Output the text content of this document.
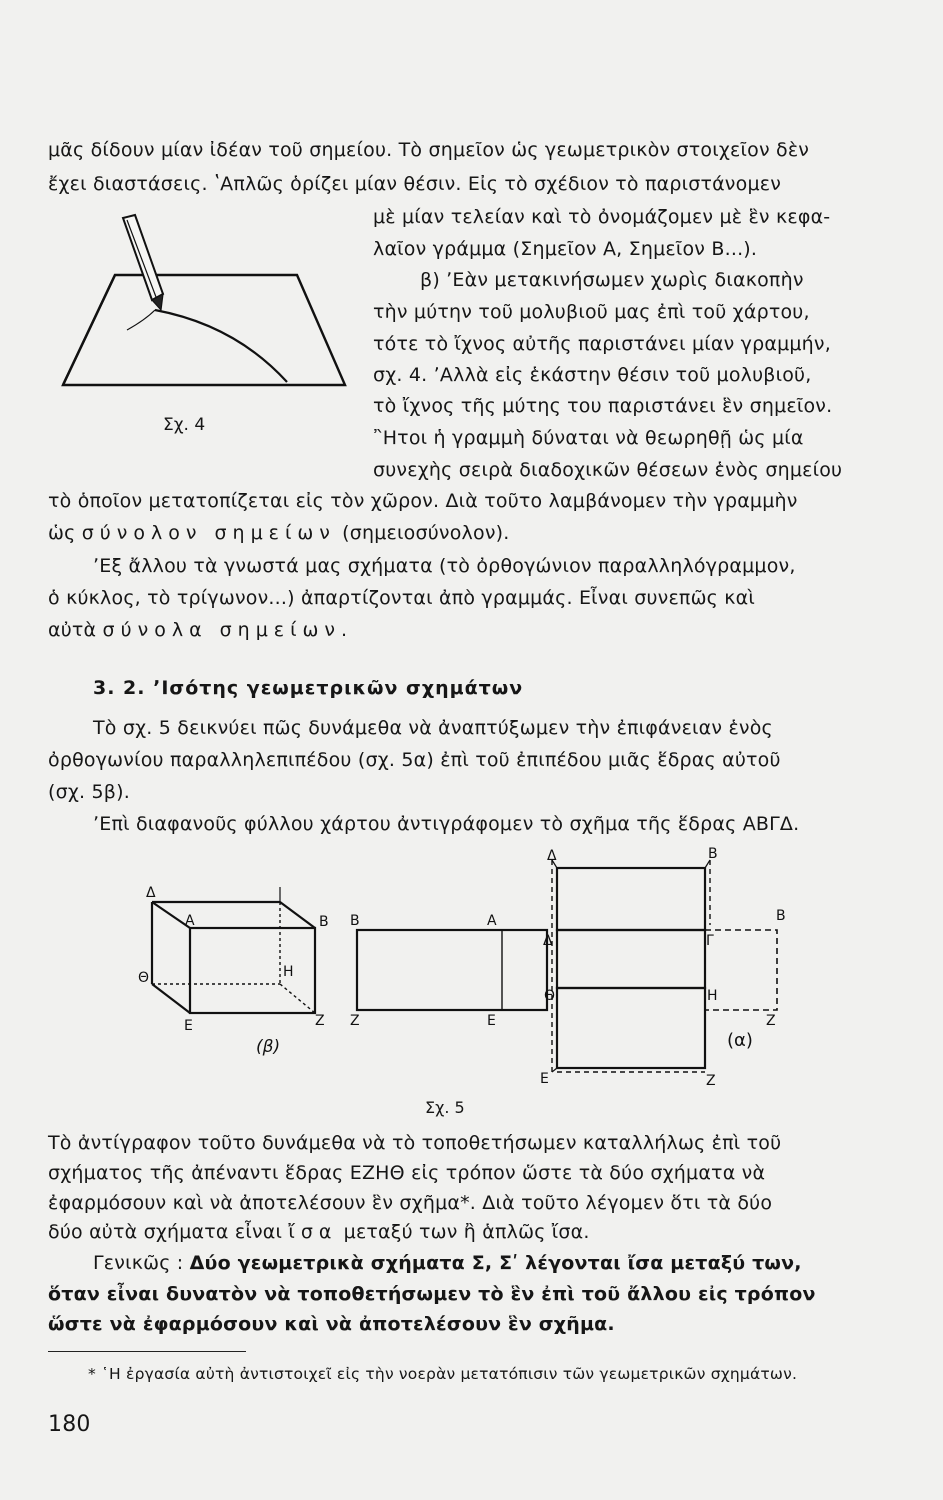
μᾶς δίδουν μίαν ἰδέαν τοῦ σημείου. Τὸ σημεῖον ὡς γεωμετρικὸν στοιχεῖον δὲν
ἔχει διαστάσεις. ʽΑπλῶς ὁρίζει μίαν θέσιν. Εἰς τὸ σχέδιον τὸ παριστάνομεν
μὲ μίαν τελείαν καὶ τὸ ὀνομάζομεν μὲ ἓν κεφα-
λαῖον γράμμα (Σημεῖον Α, Σημεῖον Β...).
β) ʼΕὰν μετακινήσωμεν χωρὶς διακοπὴν
τὴν μύτην τοῦ μολυβιοῦ μας ἐπὶ τοῦ χάρτου,
τότε τὸ ἴχνος αὐτῆς παριστάνει μίαν γραμμήν,
σχ. 4. ʼΑλλὰ εἰς ἑκάστην θέσιν τοῦ μολυβιοῦ,
τὸ ἴχνος τῆς μύτης του παριστάνει ἓν σημεῖον.
῍Ητοι ἡ γραμμὴ δύναται νὰ θεωρηθῇ ὡς μία
συνεχὴς σειρὰ διαδοχικῶν θέσεων ἑνὸς σημείου
τὸ ὁποῖον μετατοπίζεται εἰς τὸν χῶρον. Διὰ τοῦτο λαμβάνομεν τὴν γραμμὴν
ὡς σύνολον σημείων (σημειοσύνολον).
Σχ. 4
ʼΕξ ἄλλου τὰ γνωστά μας σχήματα (τὸ ὀρθογώνιον παραλληλόγραμμον,
ὁ κύκλος, τὸ τρίγωνον...) ἀπαρτίζονται ἀπὸ γραμμάς. Εἶναι συνεπῶς καὶ
αὐτὰ σύνολα σημείων.
3. 2. ʼΙσότης γεωμετρικῶν σχημάτων
Τὸ σχ. 5 δεικνύει πῶς δυνάμεθα νὰ ἀναπτύξωμεν τὴν ἐπιφάνειαν ἑνὸς
ὀρθογωνίου παραλληλεπιπέδου (σχ. 5α) ἐπὶ τοῦ ἐπιπέδου μιᾶς ἕδρας αὐτοῦ
(σχ. 5β).
ʼΕπὶ διαφανοῦς φύλλου χάρτου ἀντιγράφομεν τὸ σχῆμα τῆς ἕδρας ΑΒΓΔ.
Δ
Α	Β
Θ	Η
Ε	Ζ
(β)
Β	Α
Ζ	Ε
Δ	Β
Δ	Γ
Β
Θ	Η
Ζ
Ε	Ζ
(α)
Σχ. 5
Τὸ ἀντίγραφον τοῦτο δυνάμεθα νὰ τὸ τοποθετήσωμεν καταλλήλως ἐπὶ τοῦ
σχήματος τῆς ἀπέναντι ἕδρας ΕΖΗΘ εἰς τρόπον ὥστε τὰ δύο σχήματα νὰ
ἐφαρμόσουν καὶ νὰ ἀποτελέσουν ἓν σχῆμα*. Διὰ τοῦτο λέγομεν ὅτι τὰ δύο
δύο αὐτὰ σχήματα εἶναι ἴσα μεταξύ των ἢ ἁπλῶς ἴσα.
Γενικῶς : Δύο γεωμετρικὰ σχήματα Σ, Σʹ λέγονται ἴσα μεταξύ των,
ὅταν εἶναι δυνατὸν νὰ τοποθετήσωμεν τὸ ἓν ἐπὶ τοῦ ἄλλου εἰς τρόπον
ὥστε νὰ ἐφαρμόσουν καὶ νὰ ἀποτελέσουν ἓν σχῆμα.
* ῾Η ἐργασία αὐτὴ ἀντιστοιχεῖ εἰς τὴν νοερὰν μετατόπισιν τῶν γεωμετρικῶν σχημάτων.
180
